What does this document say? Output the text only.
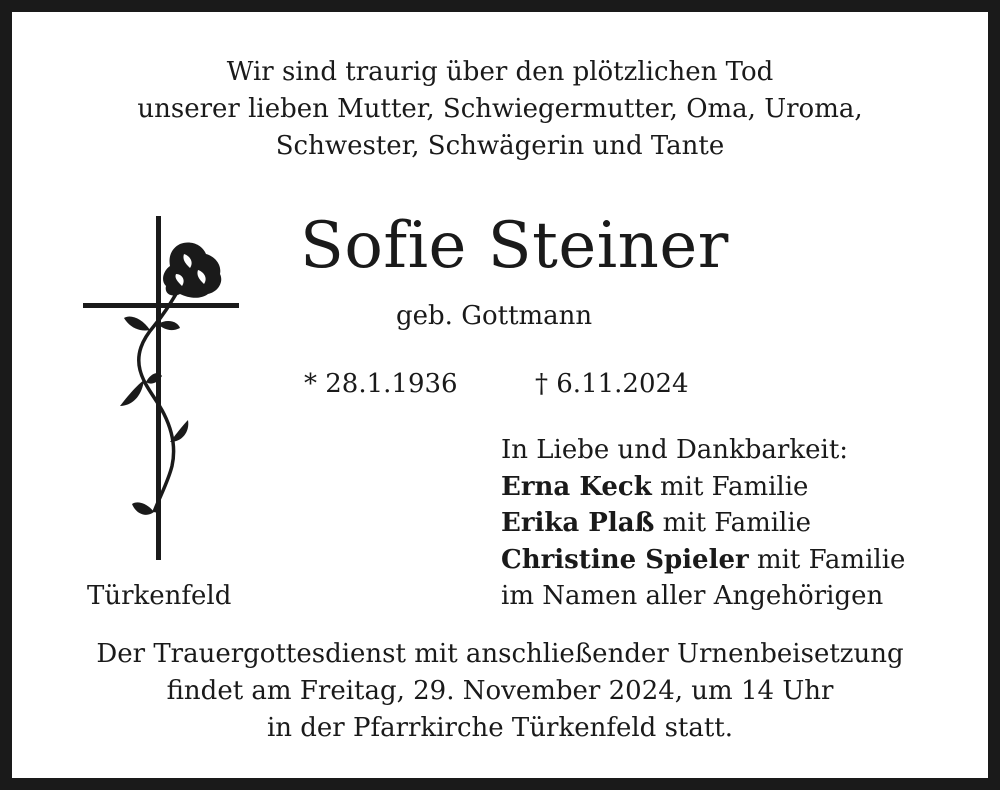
Wir sind traurig über den plötzlichen Tod
unserer lieben Mutter, Schwiegermutter, Oma, Uroma,
Schwester, Schwägerin und Tante
Sofie Steiner
geb. Gottmann
* 28.1.1936	† 6.11.2024
In Liebe und Dankbarkeit:
Erna Keck mit Familie
Erika Plaß mit Familie
Christine Spieler mit Familie
im Namen aller Angehörigen
Türkenfeld
Der Trauergottesdienst mit anschließender Urnenbeisetzung
findet am Freitag, 29. November 2024, um 14 Uhr
in der Pfarrkirche Türkenfeld statt.
